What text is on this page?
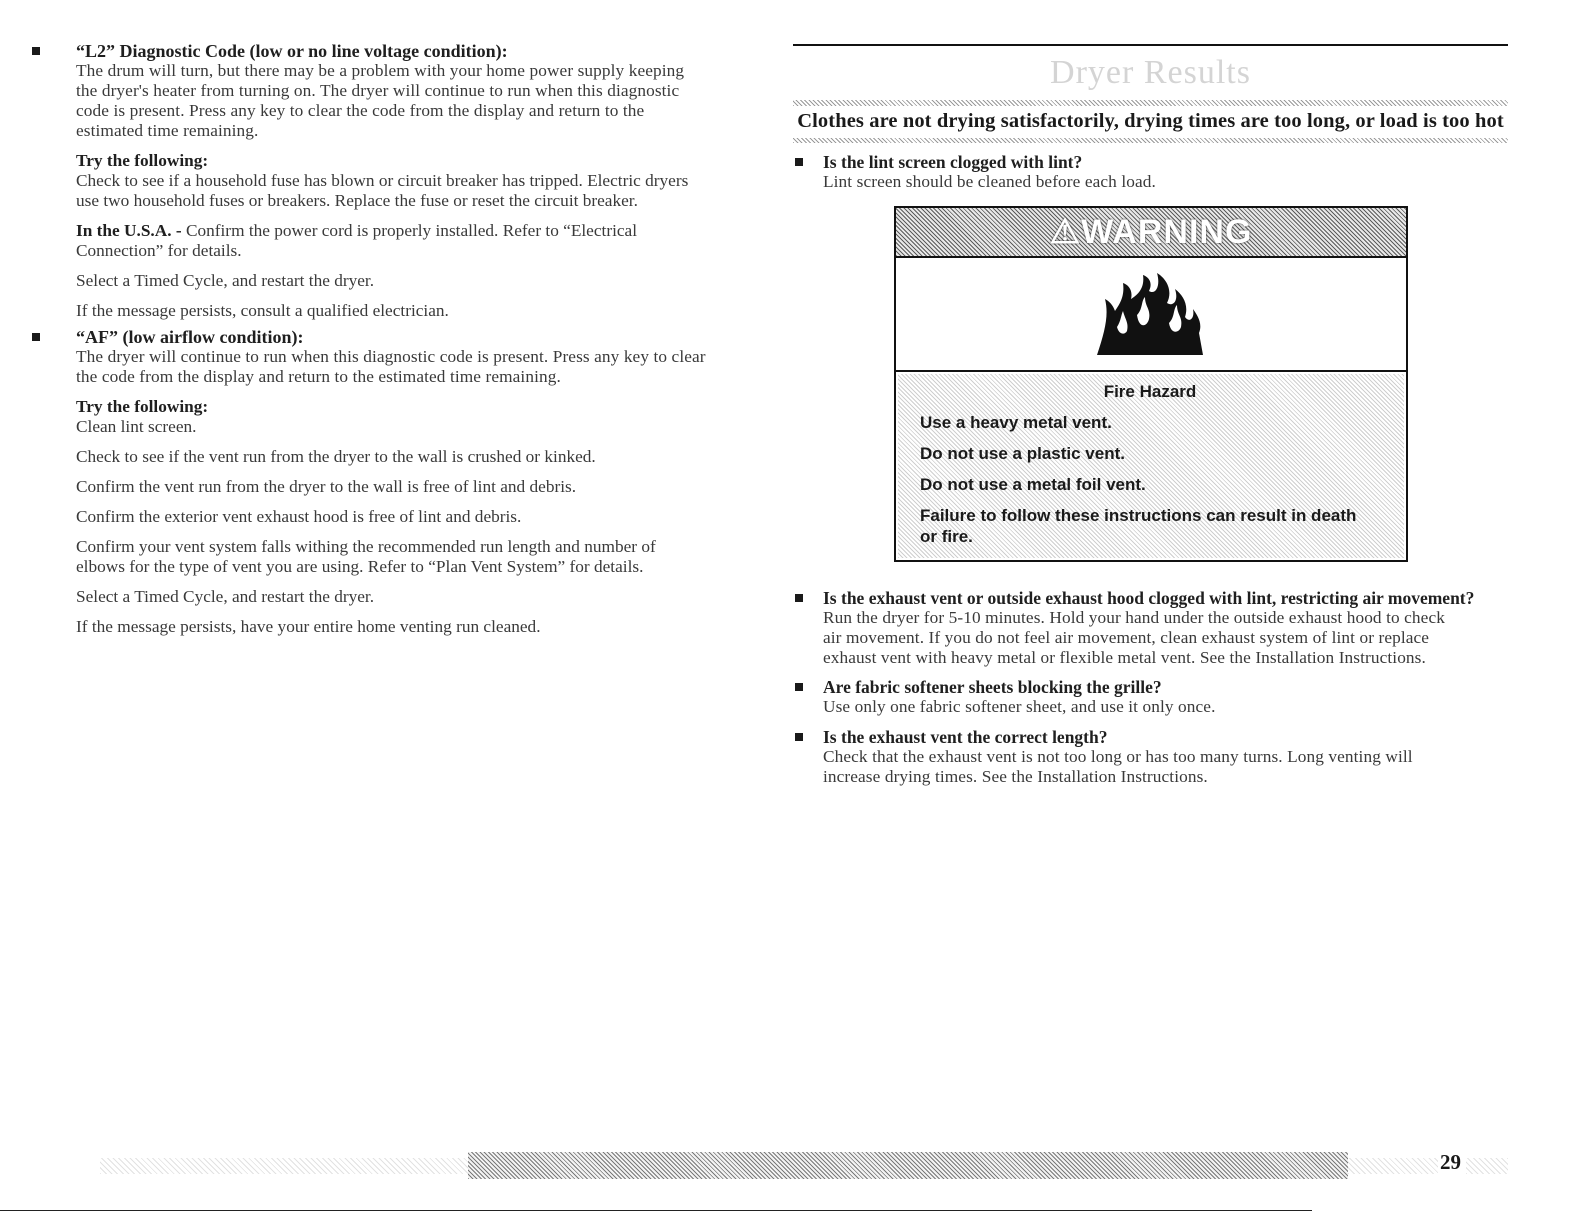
“L2” Diagnostic Code (low or no line voltage condition):
The drum will turn, but there may be a problem with your home power supply keeping
the dryer's heater from turning on. The dryer will continue to run when this diagnostic
code is present. Press any key to clear the code from the display and return to the
estimated time remaining.
Try the following:
Check to see if a household fuse has blown or circuit breaker has tripped. Electric dryers
use two household fuses or breakers. Replace the fuse or reset the circuit breaker.
In the U.S.A. - Confirm the power cord is properly installed. Refer to “Electrical
Connection” for details.
Select a Timed Cycle, and restart the dryer.
If the message persists, consult a qualified electrician.
“AF” (low airflow condition):
The dryer will continue to run when this diagnostic code is present. Press any key to clear
the code from the display and return to the estimated time remaining.
Try the following:
Clean lint screen.
Check to see if the vent run from the dryer to the wall is crushed or kinked.
Confirm the vent run from the dryer to the wall is free of lint and debris.
Confirm the exterior vent exhaust hood is free of lint and debris.
Confirm your vent system falls withing the recommended run length and number of
elbows for the type of vent you are using. Refer to “Plan Vent System” for details.
Select a Timed Cycle, and restart the dryer.
If the message persists, have your entire home venting run cleaned.
Dryer Results
Clothes are not drying satisfactorily, drying times are too long, or load is too hot
Is the lint screen clogged with lint?
Lint screen should be cleaned before each load.
⚠WARNING
Fire Hazard
Use a heavy metal vent.
Do not use a plastic vent.
Do not use a metal foil vent.
Failure to follow these instructions can result in death
or fire.
Is the exhaust vent or outside exhaust hood clogged with lint, restricting air movement?
Run the dryer for 5-10 minutes. Hold your hand under the outside exhaust hood to check
air movement. If you do not feel air movement, clean exhaust system of lint or replace
exhaust vent with heavy metal or flexible metal vent. See the Installation Instructions.
Are fabric softener sheets blocking the grille?
Use only one fabric softener sheet, and use it only once.
Is the exhaust vent the correct length?
Check that the exhaust vent is not too long or has too many turns. Long venting will
increase drying times. See the Installation Instructions.
29
